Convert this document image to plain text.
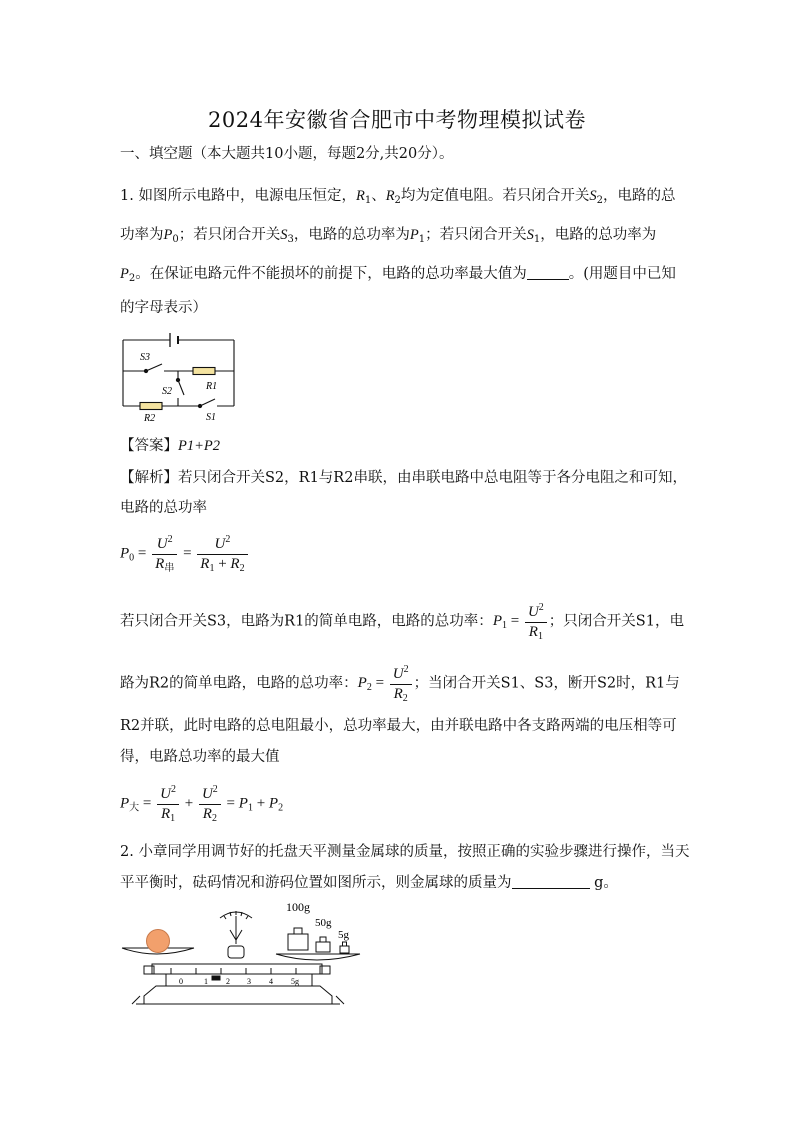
2024年安徽省合肥市中考物理模拟试卷
一、填空题（本大题共10小题，每题2分,共20分）。
1. 如图所示电路中，电源电压恒定，$R_1$、$R_2$均为定值电阻。若只闭合开关$S_2$，电路的总
功率为$P_0$；若只闭合开关$S_3$，电路的总功率为$P_1$；若只闭合开关$S_1$，电路的总功率为
$P_2$。在保证电路元件不能损坏的前提下，电路的总功率最大值为	。(用题目中已知
的字母表示）
S3
S2	R1
R2	S1
【答案】P1+P2
【解析】若只闭合开关S2，R1与R2串联，由串联电路中总电阻等于各分电阻之和可知，
电路的总功率
$P_0 = \frac{U^2}{R_串} = \frac{U^2}{R_1 + R_2}$
若只闭合开关S3，电路为R1的简单电路，电路的总功率：$P_1 = \frac{U^2}{R_1}$ ；只闭合开关S1，电
路为R2的简单电路，电路的总功率：$P_2 = \frac{U^2}{R_2}$ ；当闭合开关S1、S3，断开S2时，R1与
R2并联，此时电路的总电阻最小，总功率最大，由并联电路中各支路两端的电压相等可
得，电路总功率的最大值
$P_大 = \frac{U^2}{R_1} + \frac{U^2}{R_2} = P_1 + P_2$
2. 小章同学用调节好的托盘天平测量金属球的质量，按照正确的实验步骤进行操作，当天
平平衡时，砝码情况和游码位置如图所示，则金属球的质量为	g。
100g
50g
5g
0	1 2 3 4 5g
